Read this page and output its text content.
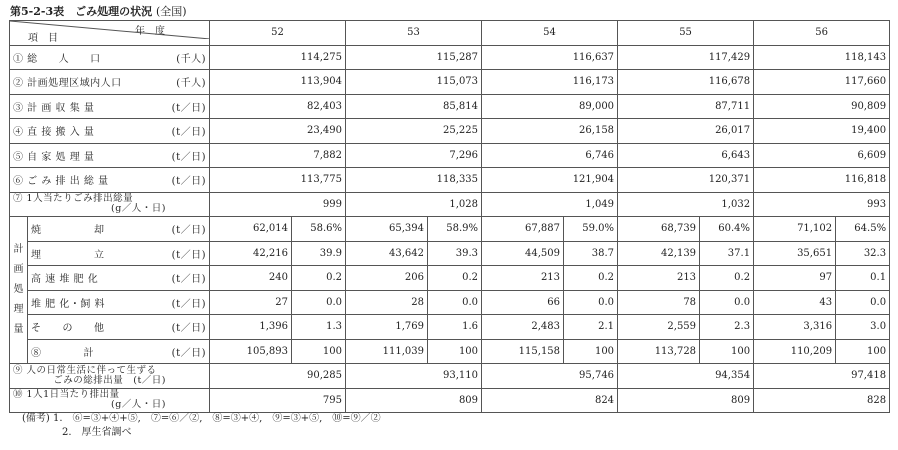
第5-2-3表　ごみ処理の状況 (全国)
年　度
項　目		52		53		54		55		56	
① 総　　人　　口 (千人)		114,275		115,287		116,637		117,429		118,143	
② 計画処理区域内人口 (千人)		113,904		115,073		116,173		116,678		117,660	
③ 計 画 収 集 量 (t／日)		82,403		85,814		89,000		87,711		90,809	
④ 直 接 搬 入 量 (t／日)		23,490		25,225		26,158		26,017		19,400	
⑤ 自 家 処 理 量 (t／日)		7,882		7,296		6,746		6,643		6,609	
⑥ ご み 排 出 総 量 (t／日)		113,775		118,335		121,904		120,371		116,818	

⑦ 1人当たりごみ排出総量
(g／人・日)		999		1,028		1,049		1,032		993	
計
画
処
理
量	焼　　　　　却 (t／日)	62,014	58.6%	65,394	58.9%	67,887	59.0%	68,739	60.4%	71,102	64.5%
	埋　　　　　立 (t／日)	42,216	39.9	43,642	39.3	44,509	38.7	42,139	37.1	35,651	32.3
	高 速 堆 肥 化 (t／日)	240	0.2	206	0.2	213	0.2	213	0.2	97	0.1
	堆 肥 化・飼 料 (t／日)	27	0.0	28	0.0	66	0.0	78	0.0	43	0.0
	そ　　の　　他 (t／日)	1,396	1.3	1,769	1.6	2,483	2.1	2,559	2.3	3,316	3.0
	⑧　　　　計 (t／日)	105,893	100	111,039	100	115,158	100	113,728	100	110,209	100

⑨ 人の日常生活に伴って生ずる
ごみの総排出量　(t／日)		90,285		93,110		95,746		94,354		97,418	

⑩ 1人1日当たり排出量
(g／人・日)		795		809		824		809		828	
(備考) 1.　⑥=③+④+⑤,　⑦=⑥／②,　⑧=③+④,　⑨=③+⑤,　⑩=⑨／②
2.　厚生省調べ
